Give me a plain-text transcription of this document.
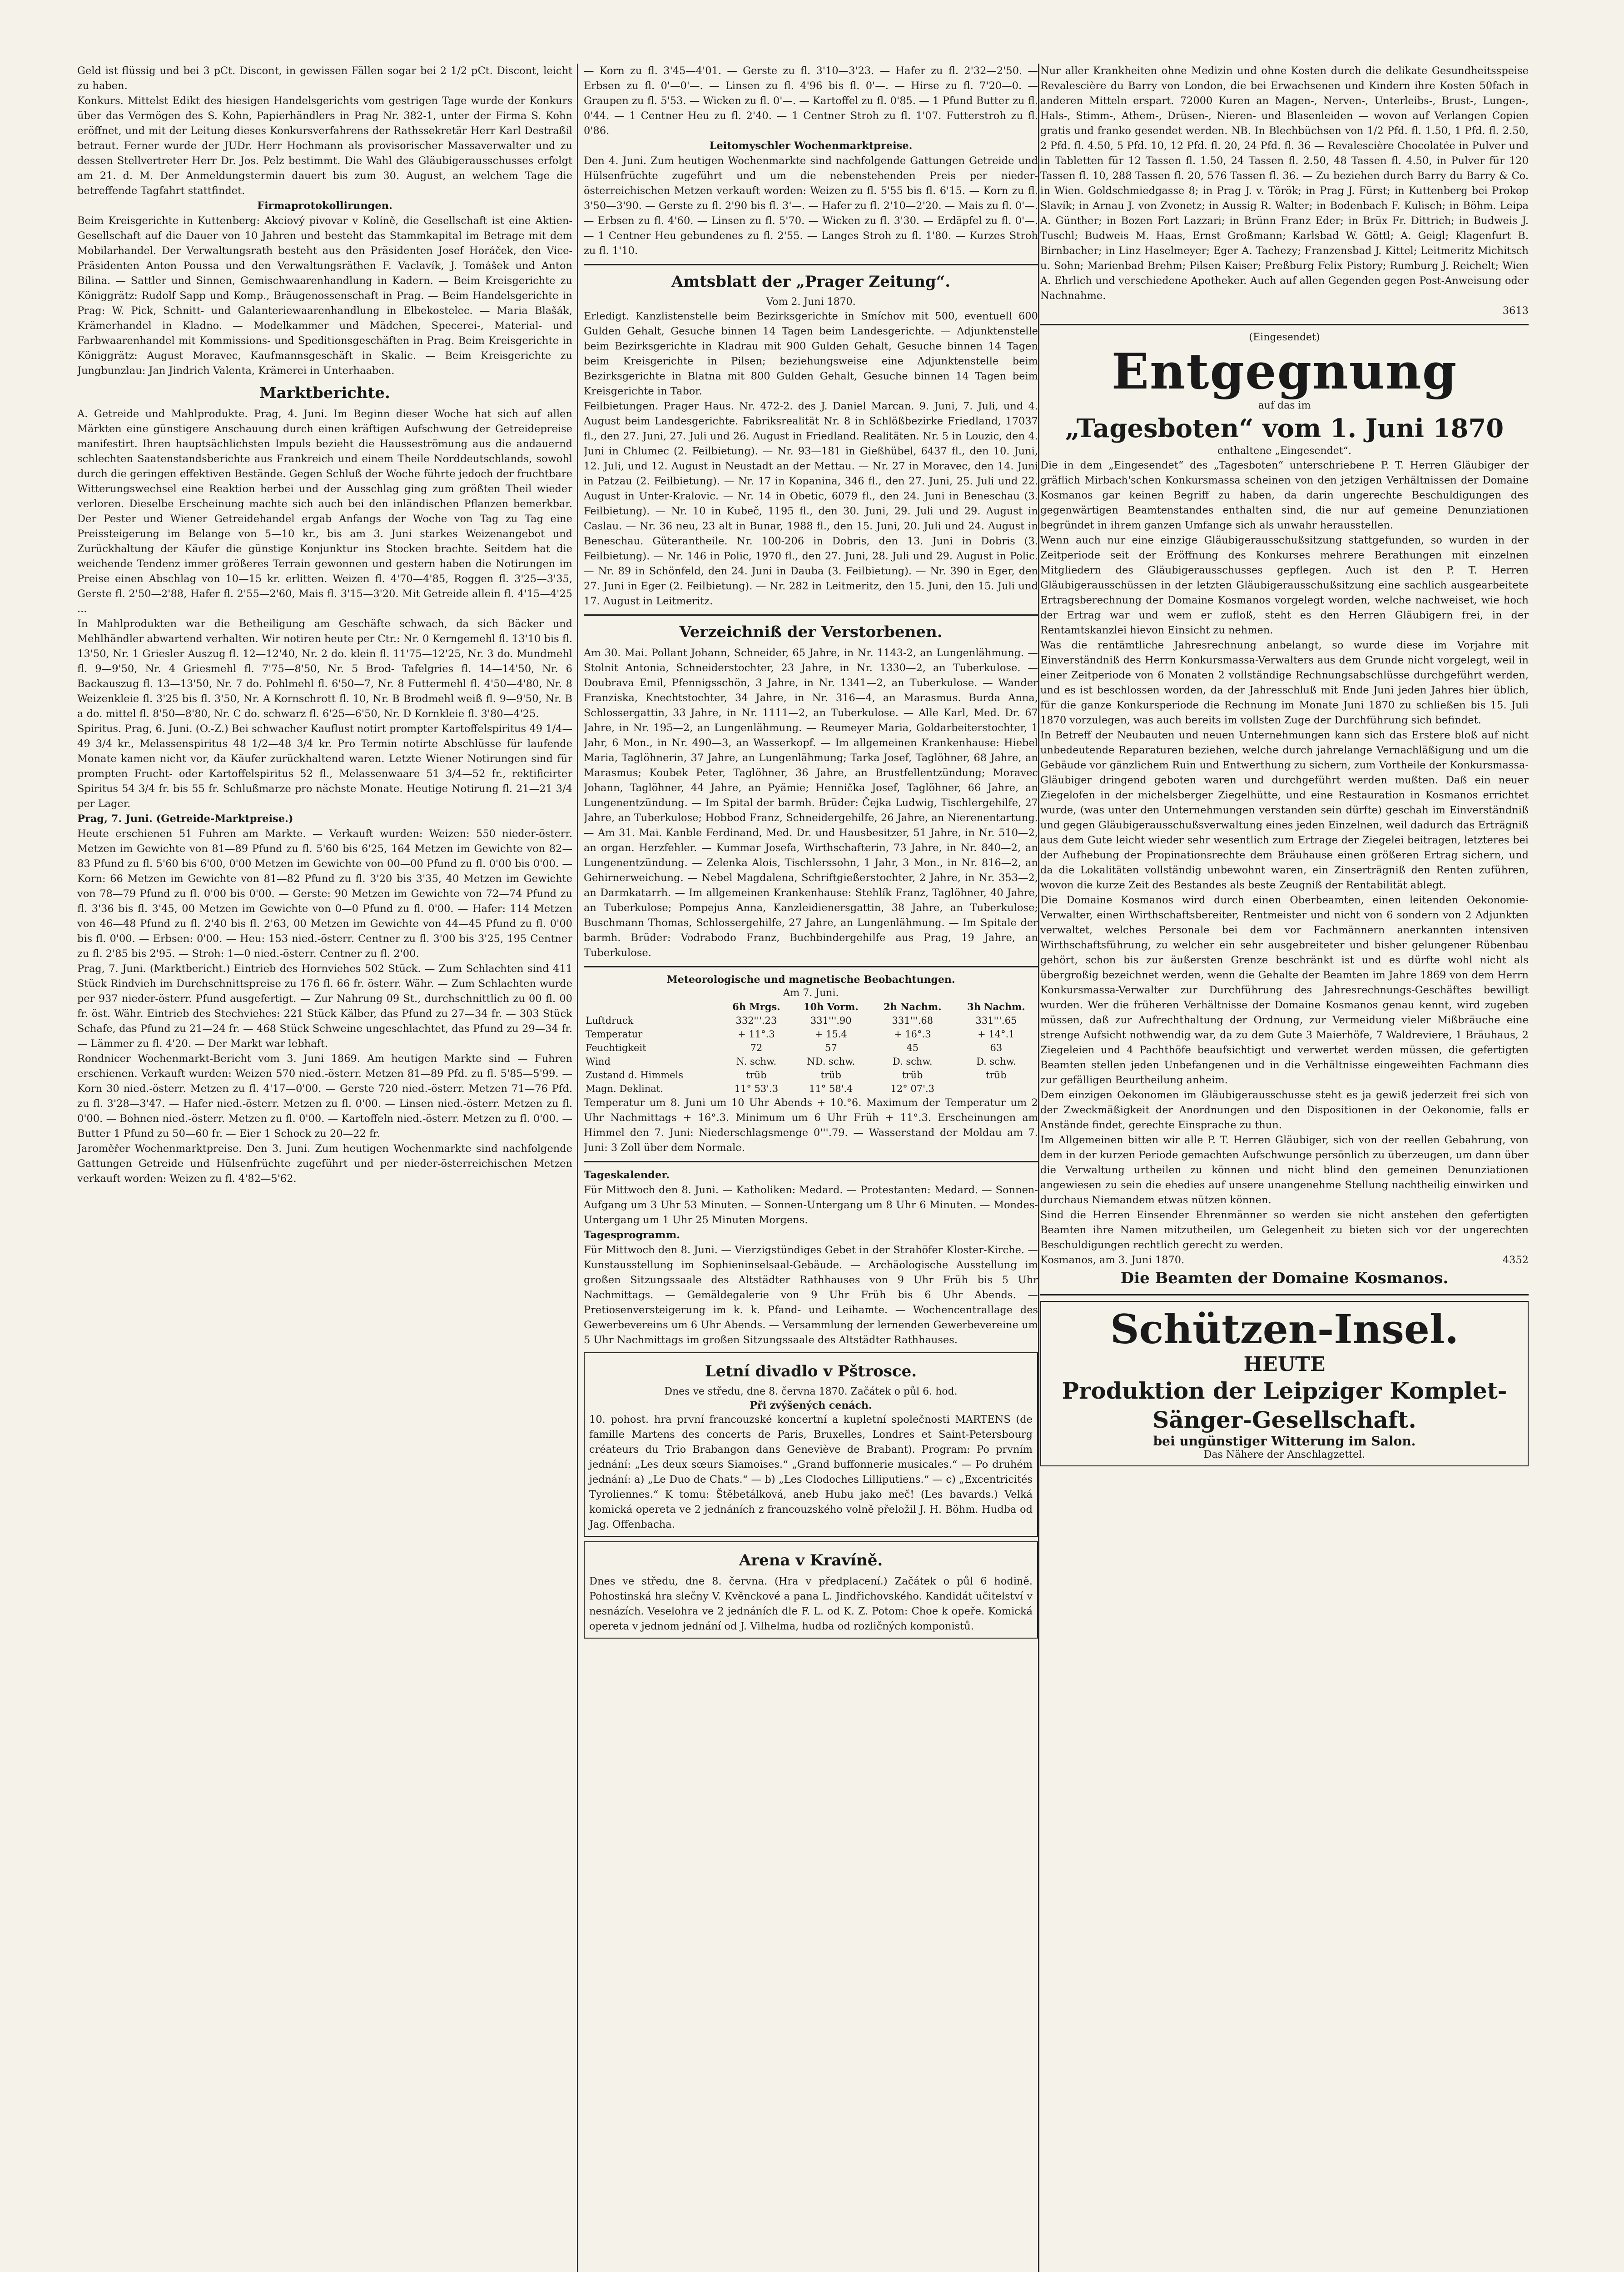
Geld ist flüssig und bei 3 pCt. Discont, in gewissen Fällen sogar bei 2 1/2 pCt. Discont, leicht zu haben.

Konkurs. Mittelst Edikt des hiesigen Handelsgerichts vom gestrigen Tage wurde der Konkurs über das Vermögen des S. Kohn, Papierhändlers in Prag Nr. 382-1, unter der Firma S. Kohn eröffnet, und mit der Leitung dieses Konkursverfahrens der Rathssekretär Herr Karl Destraßil betraut. Ferner wurde der JUDr. Herr Hochmann als provisorischer Massaverwalter und zu dessen Stellvertreter Herr Dr. Jos. Pelz bestimmt. Die Wahl des Gläubigerausschusses erfolgt am 21. d. M. Der Anmeldungstermin dauert bis zum 30. August, an welchem Tage die betreffende Tagfahrt stattfindet.

Firmaprotokollirungen.

Beim Kreisgerichte in Kuttenberg: Akciový pivovar v Kolíně, die Gesellschaft ist eine Aktien-Gesellschaft auf die Dauer von 10 Jahren und besteht das Stammkapital im Betrage mit dem Mobilarhandel. Der Verwaltungsrath besteht aus den Präsidenten Josef Horáček, den Vice-Präsidenten Anton Poussa und den Verwaltungsräthen F. Vaclavík, J. Tomášek und Anton Bilina. — Sattler und Sinnen, Gemischwaarenhandlung in Kadern. — Beim Kreisgerichte zu Königgrätz: Rudolf Sapp und Komp., Bräugenossenschaft in Prag. — Beim Handelsgerichte in Prag: W. Pick, Schnitt- und Galanteriewaarenhandlung in Elbekostelec. — Maria Blašák, Krämerhandel in Kladno. — Modelkammer und Mädchen, Specerei-, Material- und Farbwaarenhandel mit Kommissions- und Speditionsgeschäften in Prag. Beim Kreisgerichte in Königgrätz: August Moravec, Kaufmannsgeschäft in Skalic. — Beim Kreisgerichte zu Jungbunzlau: Jan Jindrich Valenta, Krämerei in Unterhaaben.

Marktberichte.

A. Getreide und Mahlprodukte. Prag, 4. Juni. Im Beginn dieser Woche hat sich auf allen Märkten eine günstigere Anschauung durch einen kräftigen Aufschwung der Getreidepreise manifestirt. Ihren hauptsächlichsten Impuls bezieht die Hausseströmung aus die andauernd schlechten Saatenstandsberichte aus Frankreich und einem Theile Norddeutschlands, sowohl durch die geringen effektiven Bestände. Gegen Schluß der Woche führte jedoch der fruchtbare Witterungswechsel eine Reaktion herbei und der Ausschlag ging zum größten Theil wieder verloren. Dieselbe Erscheinung machte sich auch bei den inländischen Pflanzen bemerkbar. Der Pester und Wiener Getreidehandel ergab Anfangs der Woche von Tag zu Tag eine Preissteigerung im Belange von 5—10 kr., bis am 3. Juni starkes Weizenangebot und Zurückhaltung der Käufer die günstige Konjunktur ins Stocken brachte. Seitdem hat die weichende Tendenz immer größeres Terrain gewonnen und gestern haben die Notirungen im Preise einen Abschlag von 10—15 kr. erlitten. Weizen fl. 4'70—4'85, Roggen fl. 3'25—3'35, Gerste fl. 2'50—2'88, Hafer fl. 2'55—2'60, Mais fl. 3'15—3'20. Mit Getreide allein fl. 4'15—4'25 ...

In Mahlprodukten war die Betheiligung am Geschäfte schwach, da sich Bäcker und Mehlhändler abwartend verhalten. Wir notiren heute per Ctr.: Nr. 0 Kerngemehl fl. 13'10 bis fl. 13'50, Nr. 1 Griesler Auszug fl. 12—12'40, Nr. 2 do. klein fl. 11'75—12'25, Nr. 3 do. Mundmehl fl. 9—9'50, Nr. 4 Griesmehl fl. 7'75—8'50, Nr. 5 Brod- Tafelgries fl. 14—14'50, Nr. 6 Backauszug fl. 13—13'50, Nr. 7 do. Pohlmehl fl. 6'50—7, Nr. 8 Futtermehl fl. 4'50—4'80, Nr. 8 Weizenkleie fl. 3'25 bis fl. 3'50, Nr. A Kornschrott fl. 10, Nr. B Brodmehl weiß fl. 9—9'50, Nr. B a do. mittel fl. 8'50—8'80, Nr. C do. schwarz fl. 6'25—6'50, Nr. D Kornkleie fl. 3'80—4'25.

Spiritus. Prag, 6. Juni. (O.-Z.) Bei schwacher Kauflust notirt prompter Kartoffelspiritus 49 1/4—49 3/4 kr., Melassenspiritus 48 1/2—48 3/4 kr. Pro Termin notirte Abschlüsse für laufende Monate kamen nicht vor, da Käufer zurückhaltend waren. Letzte Wiener Notirungen sind für prompten Frucht- oder Kartoffelspiritus 52 fl., Melassenwaare 51 3/4—52 fr., rektificirter Spiritus 54 3/4 fr. bis 55 fr. Schlußmarze pro nächste Monate. Heutige Notirung fl. 21—21 3/4 per Lager.

Prag, 7. Juni. (Getreide-Marktpreise.)

Heute erschienen 51 Fuhren am Markte. — Verkauft wurden: Weizen: 550 nieder-österr. Metzen im Gewichte von 81—89 Pfund zu fl. 5'60 bis 6'25, 164 Metzen im Gewichte von 82—83 Pfund zu fl. 5'60 bis 6'00, 0'00 Metzen im Gewichte von 00—00 Pfund zu fl. 0'00 bis 0'00. — Korn: 66 Metzen im Gewichte von 81—82 Pfund zu fl. 3'20 bis 3'35, 40 Metzen im Gewichte von 78—79 Pfund zu fl. 0'00 bis 0'00. — Gerste: 90 Metzen im Gewichte von 72—74 Pfund zu fl. 3'36 bis fl. 3'45, 00 Metzen im Gewichte von 0—0 Pfund zu fl. 0'00. — Hafer: 114 Metzen von 46—48 Pfund zu fl. 2'40 bis fl. 2'63, 00 Metzen im Gewichte von 44—45 Pfund zu fl. 0'00 bis fl. 0'00. — Erbsen: 0'00. — Heu: 153 nied.-österr. Centner zu fl. 3'00 bis 3'25, 195 Centner zu fl. 2'85 bis 2'95. — Stroh: 1—0 nied.-österr. Centner zu fl. 2'00.

Prag, 7. Juni. (Marktbericht.) Eintrieb des Hornviehes 502 Stück. — Zum Schlachten sind 411 Stück Rindvieh im Durchschnittspreise zu 176 fl. 66 fr. österr. Währ. — Zum Schlachten wurde per 937 nieder-österr. Pfund ausgefertigt. — Zur Nahrung 09 St., durchschnittlich zu 00 fl. 00 fr. öst. Währ. Eintrieb des Stechviehes: 221 Stück Kälber, das Pfund zu 27—34 fr. — 303 Stück Schafe, das Pfund zu 21—24 fr. — 468 Stück Schweine ungeschlachtet, das Pfund zu 29—34 fr. — Lämmer zu fl. 4'20. — Der Markt war lebhaft.

Rondnicer Wochenmarkt-Bericht vom 3. Juni 1869. Am heutigen Markte sind — Fuhren erschienen. Verkauft wurden: Weizen 570 nied.-österr. Metzen 81—89 Pfd. zu fl. 5'85—5'99. — Korn 30 nied.-österr. Metzen zu fl. 4'17—0'00. — Gerste 720 nied.-österr. Metzen 71—76 Pfd. zu fl. 3'28—3'47. — Hafer nied.-österr. Metzen zu fl. 0'00. — Linsen nied.-österr. Metzen zu fl. 0'00. — Bohnen nied.-österr. Metzen zu fl. 0'00. — Kartoffeln nied.-österr. Metzen zu fl. 0'00. — Butter 1 Pfund zu 50—60 fr. — Eier 1 Schock zu 20—22 fr.

Jaroměřer Wochenmarktpreise. Den 3. Juni. Zum heutigen Wochenmarkte sind nachfolgende Gattungen Getreide und Hülsenfrüchte zugeführt und per nieder-österreichischen Metzen verkauft worden: Weizen zu fl. 4'82—5'62.

— Korn zu fl. 3'45—4'01. — Gerste zu fl. 3'10—3'23. — Hafer zu fl. 2'32—2'50. — Erbsen zu fl. 0'—0'—. — Linsen zu fl. 4'96 bis fl. 0'—. — Hirse zu fl. 7'20—0. — Graupen zu fl. 5'53. — Wicken zu fl. 0'—. — Kartoffel zu fl. 0'85. — 1 Pfund Butter zu fl. 0'44. — 1 Centner Heu zu fl. 2'40. — 1 Centner Stroh zu fl. 1'07. Futterstroh zu fl. 0'86.

Leitomyschler Wochenmarktpreise.

Den 4. Juni. Zum heutigen Wochenmarkte sind nachfolgende Gattungen Getreide und Hülsenfrüchte zugeführt und um die nebenstehenden Preis per nieder-österreichischen Metzen verkauft worden: Weizen zu fl. 5'55 bis fl. 6'15. — Korn zu fl. 3'50—3'90. — Gerste zu fl. 2'90 bis fl. 3'—. — Hafer zu fl. 2'10—2'20. — Mais zu fl. 0'—. — Erbsen zu fl. 4'60. — Linsen zu fl. 5'70. — Wicken zu fl. 3'30. — Erdäpfel zu fl. 0'—. — 1 Centner Heu gebundenes zu fl. 2'55. — Langes Stroh zu fl. 1'80. — Kurzes Stroh zu fl. 1'10.

Amtsblatt der „Prager Zeitung“.
Vom 2. Juni 1870.

Erledigt. Kanzlistenstelle beim Bezirksgerichte in Smíchov mit 500, eventuell 600 Gulden Gehalt, Gesuche binnen 14 Tagen beim Landesgerichte. — Adjunktenstelle beim Bezirksgerichte in Kladrau mit 900 Gulden Gehalt, Gesuche binnen 14 Tagen beim Kreisgerichte in Pilsen; beziehungsweise eine Adjunktenstelle beim Bezirksgerichte in Blatna mit 800 Gulden Gehalt, Gesuche binnen 14 Tagen beim Kreisgerichte in Tabor.

Feilbietungen. Prager Haus. Nr. 472-2. des J. Daniel Marcan. 9. Juni, 7. Juli, und 4. August beim Landesgerichte. Fabriksrealität Nr. 8 in Schlößbezirke Friedland, 17037 fl., den 27. Juni, 27. Juli und 26. August in Friedland. Realitäten. Nr. 5 in Louzic, den 4. Juni in Chlumec (2. Feilbietung). — Nr. 93—181 in Gießhübel, 6437 fl., den 10. Juni, 12. Juli, und 12. August in Neustadt an der Mettau. — Nr. 27 in Moravec, den 14. Juni in Patzau (2. Feilbietung). — Nr. 17 in Kopanina, 346 fl., den 27. Juni, 25. Juli und 22. August in Unter-Kralovic. — Nr. 14 in Obetic, 6079 fl., den 24. Juni in Beneschau (3. Feilbietung). — Nr. 10 in Kubeč, 1195 fl., den 30. Juni, 29. Juli und 29. August in Caslau. — Nr. 36 neu, 23 alt in Bunar, 1988 fl., den 15. Juni, 20. Juli und 24. August in Beneschau. Güterantheile. Nr. 100-206 in Dobris, den 13. Juni in Dobris (3. Feilbietung). — Nr. 146 in Polic, 1970 fl., den 27. Juni, 28. Juli und 29. August in Polic. — Nr. 89 in Schönfeld, den 24. Juni in Dauba (3. Feilbietung). — Nr. 390 in Eger, den 27. Juni in Eger (2. Feilbietung). — Nr. 282 in Leitmeritz, den 15. Juni, den 15. Juli und 17. August in Leitmeritz.

Verzeichniß der Verstorbenen.

Am 30. Mai. Pollant Johann, Schneider, 65 Jahre, in Nr. 1143-2, an Lungenlähmung. — Stolnit Antonia, Schneiderstochter, 23 Jahre, in Nr. 1330—2, an Tuberkulose. — Doubrava Emil, Pfennigsschön, 3 Jahre, in Nr. 1341—2, an Tuberkulose. — Wander Franziska, Knechtstochter, 34 Jahre, in Nr. 316—4, an Marasmus. Burda Anna, Schlossergattin, 33 Jahre, in Nr. 1111—2, an Tuberkulose. — Alle Karl, Med. Dr. 67 Jahre, in Nr. 195—2, an Lungenlähmung. — Reumeyer Maria, Goldarbeiterstochter, 1 Jahr, 6 Mon., in Nr. 490—3, an Wasserkopf. — Im allgemeinen Krankenhause: Hiebel Maria, Taglöhnerin, 37 Jahre, an Lungenlähmung; Tarka Josef, Taglöhner, 68 Jahre, an Marasmus; Koubek Peter, Taglöhner, 36 Jahre, an Brustfellentzündung; Moravec Johann, Taglöhner, 44 Jahre, an Pyämie; Hennička Josef, Taglöhner, 66 Jahre, an Lungenentzündung. — Im Spital der barmh. Brüder: Čejka Ludwig, Tischlergehilfe, 27 Jahre, an Tuberkulose; Hobbod Franz, Schneidergehilfe, 26 Jahre, an Nierenentartung. — Am 31. Mai. Kanble Ferdinand, Med. Dr. und Hausbesitzer, 51 Jahre, in Nr. 510—2, an organ. Herzfehler. — Kummar Josefa, Wirthschafterin, 73 Jahre, in Nr. 840—2, an Lungenentzündung. — Zelenka Alois, Tischlerssohn, 1 Jahr, 3 Mon., in Nr. 816—2, an Gehirnerweichung. — Nebel Magdalena, Schriftgießerstochter, 2 Jahre, in Nr. 353—2, an Darmkatarrh. — Im allgemeinen Krankenhause: Stehlík Franz, Taglöhner, 40 Jahre, an Tuberkulose; Pompejus Anna, Kanzleidienersgattin, 38 Jahre, an Tuberkulose; Buschmann Thomas, Schlossergehilfe, 27 Jahre, an Lungenlähmung. — Im Spitale der barmh. Brüder: Vodrabodo Franz, Buchbindergehilfe aus Prag, 19 Jahre, an Tuberkulose.

Meteorologische und magnetische Beobachtungen.
Am 7. Juni.
	6h Mrgs.	10h Vorm.	2h Nachm.	3h Nachm.
Luftdruck	332'''.23	331'''.90	331'''.68	331'''.65
Temperatur	+ 11°.3	+ 15.4	+ 16°.3	+ 14°.1
Feuchtigkeit	72	57	45	63
Wind	N. schw.	ND. schw.	D. schw.	D. schw.
Zustand d. Himmels	trüb	trüb	trüb	trüb
Magn. Deklinat.	11° 53'.3	11° 58'.4	12° 07'.3	

Temperatur um 8. Juni um 10 Uhr Abends + 10.°6. Maximum der Temperatur um 2 Uhr Nachmittags + 16°.3. Minimum um 6 Uhr Früh + 11°.3. Erscheinungen am Himmel den 7. Juni: Niederschlagsmenge 0'''.79. — Wasserstand der Moldau am 7. Juni: 3 Zoll über dem Normale.

Tageskalender.

Für Mittwoch den 8. Juni. — Katholiken: Medard. — Protestanten: Medard. — Sonnen-Aufgang um 3 Uhr 53 Minuten. — Sonnen-Untergang um 8 Uhr 6 Minuten. — Mondes-Untergang um 1 Uhr 25 Minuten Morgens.

Tagesprogramm.

Für Mittwoch den 8. Juni. — Vierzigstündiges Gebet in der Strahöfer Kloster-Kirche. — Kunstausstellung im Sophieninselsaal-Gebäude. — Archäologische Ausstellung im großen Sitzungssaale des Altstädter Rathhauses von 9 Uhr Früh bis 5 Uhr Nachmittags. — Gemäldegalerie von 9 Uhr Früh bis 6 Uhr Abends. — Pretiosenversteigerung im k. k. Pfand- und Leihamte. — Wochencentrallage des Gewerbevereins um 6 Uhr Abends. — Versammlung der lernenden Gewerbevereine um 5 Uhr Nachmittags im großen Sitzungssaale des Altstädter Rathhauses.

Letní divadlo v Pštrosce.
Dnes ve středu, dne 8. června 1870. Začátek o půl 6. hod.
Při zvýšených cenách.

10. pohost. hra první francouzské koncertní a kupletní společnosti MARTENS (de famille Martens des concerts de Paris, Bruxelles, Londres et Saint-Petersbourg créateurs du Trio Brabangon dans Geneviève de Brabant). Program: Po prvním jednání: „Les deux sœurs Siamoises.“ „Grand buffonnerie musicales.“ — Po druhém jednání: a) „Le Duo de Chats.“ — b) „Les Clodoches Lilliputiens.“ — c) „Excentricités Tyroliennes.“ K tomu: Štěbetálková, aneb Hubu jako meč! (Les bavards.) Velká komická opereta ve 2 jednáních z francouzského volně přeložil J. H. Böhm. Hudba od Jag. Offenbacha.

Arena v Kravíně.

Dnes ve středu, dne 8. června. (Hra v předplacení.) Začátek o půl 6 hodině. Pohostinská hra slečny V. Kvěnckové a pana L. Jindřichovského. Kandidát učitelství v nesnázích. Veselohra ve 2 jednáních dle F. L. od K. Z. Potom: Choe k opeře. Komická opereta v jednom jednání od J. Vilhelma, hudba od rozličných komponistů.

Nur aller Krankheiten ohne Medizin und ohne Kosten durch die delikate Gesundheitsspeise Revalescière du Barry von London, die bei Erwachsenen und Kindern ihre Kosten 50fach in anderen Mitteln erspart. 72000 Kuren an Magen-, Nerven-, Unterleibs-, Brust-, Lungen-, Hals-, Stimm-, Athem-, Drüsen-, Nieren- und Blasenleiden — wovon auf Verlangen Copien gratis und franko gesendet werden. NB. In Blechbüchsen von 1/2 Pfd. fl. 1.50, 1 Pfd. fl. 2.50, 2 Pfd. fl. 4.50, 5 Pfd. 10, 12 Pfd. fl. 20, 24 Pfd. fl. 36 — Revalescière Chocolatée in Pulver und in Tabletten für 12 Tassen fl. 1.50, 24 Tassen fl. 2.50, 48 Tassen fl. 4.50, in Pulver für 120 Tassen fl. 10, 288 Tassen fl. 20, 576 Tassen fl. 36. — Zu beziehen durch Barry du Barry & Co. in Wien. Goldschmiedgasse 8; in Prag J. v. Török; in Prag J. Fürst; in Kuttenberg bei Prokop Slavík; in Arnau J. von Zvonetz; in Aussig R. Walter; in Bodenbach F. Kulisch; in Böhm. Leipa A. Günther; in Bozen Fort Lazzari; in Brünn Franz Eder; in Brüx Fr. Dittrich; in Budweis J. Tuschl; Budweis M. Haas, Ernst Großmann; Karlsbad W. Göttl; A. Geigl; Klagenfurt B. Birnbacher; in Linz Haselmeyer; Eger A. Tachezy; Franzensbad J. Kittel; Leitmeritz Michitsch u. Sohn; Marienbad Brehm; Pilsen Kaiser; Preßburg Felix Pistory; Rumburg J. Reichelt; Wien A. Ehrlich und verschiedene Apotheker. Auch auf allen Gegenden gegen Post-Anweisung oder Nachnahme.

3613

(Eingesendet)
Entgegnung
auf das im
„Tagesboten“ vom 1. Juni 1870
enthaltene „Eingesendet“.

Die in dem „Eingesendet“ des „Tagesboten“ unterschriebene P. T. Herren Gläubiger der gräflich Mirbach'schen Konkursmassa scheinen von den jetzigen Verhältnissen der Domaine Kosmanos gar keinen Begriff zu haben, da darin ungerechte Beschuldigungen des gegenwärtigen Beamtenstandes enthalten sind, die nur auf gemeine Denunziationen begründet in ihrem ganzen Umfange sich als unwahr herausstellen.

Wenn auch nur eine einzige Gläubigerausschußsitzung stattgefunden, so wurden in der Zeitperiode seit der Eröffnung des Konkurses mehrere Berathungen mit einzelnen Mitgliedern des Gläubigerausschusses gepflegen. Auch ist den P. T. Herren Gläubigerausschüssen in der letzten Gläubigerausschußsitzung eine sachlich ausgearbeitete Ertragsberechnung der Domaine Kosmanos vorgelegt worden, welche nachweiset, wie hoch der Ertrag war und wem er zufloß, steht es den Herren Gläubigern frei, in der Rentamtskanzlei hievon Einsicht zu nehmen.

Was die rentämtliche Jahresrechnung anbelangt, so wurde diese im Vorjahre mit Einverständniß des Herrn Konkursmassa-Verwalters aus dem Grunde nicht vorgelegt, weil in einer Zeitperiode von 6 Monaten 2 vollständige Rechnungsabschlüsse durchgeführt werden, und es ist beschlossen worden, da der Jahresschluß mit Ende Juni jeden Jahres hier üblich, für die ganze Konkursperiode die Rechnung im Monate Juni 1870 zu schließen bis 15. Juli 1870 vorzulegen, was auch bereits im vollsten Zuge der Durchführung sich befindet.

In Betreff der Neubauten und neuen Unternehmungen kann sich das Erstere bloß auf nicht unbedeutende Reparaturen beziehen, welche durch jahrelange Vernachläßigung und um die Gebäude vor gänzlichem Ruin und Entwerthung zu sichern, zum Vortheile der Konkursmassa-Gläubiger dringend geboten waren und durchgeführt werden mußten. Daß ein neuer Ziegelofen in der michelsberger Ziegelhütte, und eine Restauration in Kosmanos errichtet wurde, (was unter den Unternehmungen verstanden sein dürfte) geschah im Einverständniß und gegen Gläubigerausschußsverwaltung eines jeden Einzelnen, weil dadurch das Erträgniß aus dem Gute leicht wieder sehr wesentlich zum Ertrage der Ziegelei beitragen, letzteres bei der Aufhebung der Propinationsrechte dem Bräuhause einen größeren Ertrag sichern, und da die Lokalitäten vollständig unbewohnt waren, ein Zinserträgniß den Renten zuführen, wovon die kurze Zeit des Bestandes als beste Zeugniß der Rentabilität ablegt.

Die Domaine Kosmanos wird durch einen Oberbeamten, einen leitenden Oekonomie-Verwalter, einen Wirthschaftsbereiter, Rentmeister und nicht von 6 sondern von 2 Adjunkten verwaltet, welches Personale bei dem vor Fachmännern anerkannten intensiven Wirthschaftsführung, zu welcher ein sehr ausgebreiteter und bisher gelungener Rübenbau gehört, schon bis zur äußersten Grenze beschränkt ist und es dürfte wohl nicht als übergroßig bezeichnet werden, wenn die Gehalte der Beamten im Jahre 1869 von dem Herrn Konkursmassa-Verwalter zur Durchführung des Jahresrechnungs-Geschäftes bewilligt wurden. Wer die früheren Verhältnisse der Domaine Kosmanos genau kennt, wird zugeben müssen, daß zur Aufrechthaltung der Ordnung, zur Vermeidung vieler Mißbräuche eine strenge Aufsicht nothwendig war, da zu dem Gute 3 Maierhöfe, 7 Waldreviere, 1 Bräuhaus, 2 Ziegeleien und 4 Pachthöfe beaufsichtigt und verwertet werden müssen, die gefertigten Beamten stellen jeden Unbefangenen und in die Verhältnisse eingeweihten Fachmann dies zur gefälligen Beurtheilung anheim.

Dem einzigen Oekonomen im Gläubigerausschusse steht es ja gewiß jederzeit frei sich von der Zweckmäßigkeit der Anordnungen und den Dispositionen in der Oekonomie, falls er Anstände findet, gerechte Einsprache zu thun.

Im Allgemeinen bitten wir alle P. T. Herren Gläubiger, sich von der reellen Gebahrung, von dem in der kurzen Periode gemachten Aufschwunge persönlich zu überzeugen, um dann über die Verwaltung urtheilen zu können und nicht blind den gemeinen Denunziationen angewiesen zu sein die ehedies auf unsere unangenehme Stellung nachtheilig einwirken und durchaus Niemandem etwas nützen können.

Sind die Herren Einsender Ehrenmänner so werden sie nicht anstehen den gefertigten Beamten ihre Namen mitzutheilen, um Gelegenheit zu bieten sich vor der ungerechten Beschuldigungen rechtlich gerecht zu werden.

Kosmanos, am 3. Juni 1870.	4352

Die Beamten der Domaine Kosmanos.

Schützen-Insel.
HEUTE
Produktion der Leipziger Komplet-Sänger-Gesellschaft.
bei ungünstiger Witterung im Salon.
Das Nähere der Anschlagzettel.
